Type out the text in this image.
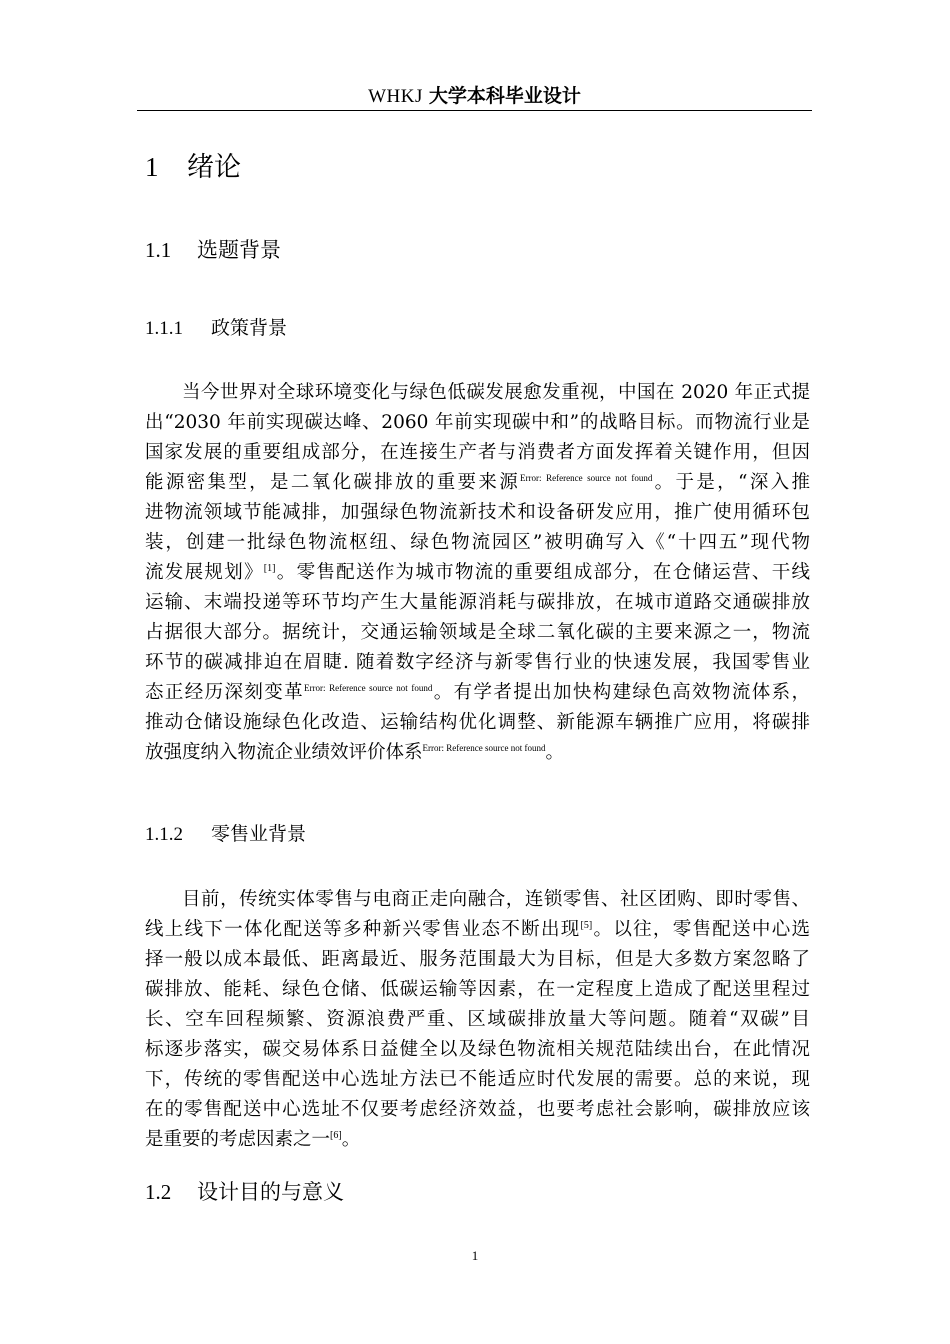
WHKJ 大学本科毕业设计
1 绪论
1.1 选题背景
1.1.1 政策背景
当今世界对全球环境变化与绿色低碳发展愈发重视，中国在 2020 年正式提
出“2030 年前实现碳达峰、2060 年前实现碳中和”的战略目标。而物流行业是
国家发展的重要组成部分，在连接生产者与消费者方面发挥着关键作用，但因
能源密集型，是二氧化碳排放的重要来源$^{Error: Reference source not found}$。于是，“深入推
进物流领域节能减排，加强绿色物流新技术和设备研发应用，推广使用循环包
装，创建一批绿色物流枢纽、绿色物流园区”被明确写入《“十四五”现代物
流发展规划》[1]。零售配送作为城市物流的重要组成部分，在仓储运营、干线
运输、末端投递等环节均产生大量能源消耗与碳排放，在城市道路交通碳排放
占据很大部分。据统计，交通运输领域是全球二氧化碳的主要来源之一，物流
环节的碳减排迫在眉睫. 随着数字经济与新零售行业的快速发展，我国零售业
态正经历深刻变革$^{Error: Reference source not found}$。有学者提出加快构建绿色高效物流体系，
推动仓储设施绿色化改造、运输结构优化调整、新能源车辆推广应用，将碳排
放强度纳入物流企业绩效评价体系$^{Error: Reference source not found}$。
1.1.2 零售业背景
目前，传统实体零售与电商正走向融合，连锁零售、社区团购、即时零售、
线上线下一体化配送等多种新兴零售业态不断出现[5]。以往，零售配送中心选
择一般以成本最低、距离最近、服务范围最大为目标，但是大多数方案忽略了
碳排放、能耗、绿色仓储、低碳运输等因素，在一定程度上造成了配送里程过
长、空车回程频繁、资源浪费严重、区域碳排放量大等问题。随着“双碳”目
标逐步落实，碳交易体系日益健全以及绿色物流相关规范陆续出台，在此情况
下，传统的零售配送中心选址方法已不能适应时代发展的需要。总的来说，现
在的零售配送中心选址不仅要考虑经济效益，也要考虑社会影响，碳排放应该
是重要的考虑因素之一[6]。
1.2 设计目的与意义
1
